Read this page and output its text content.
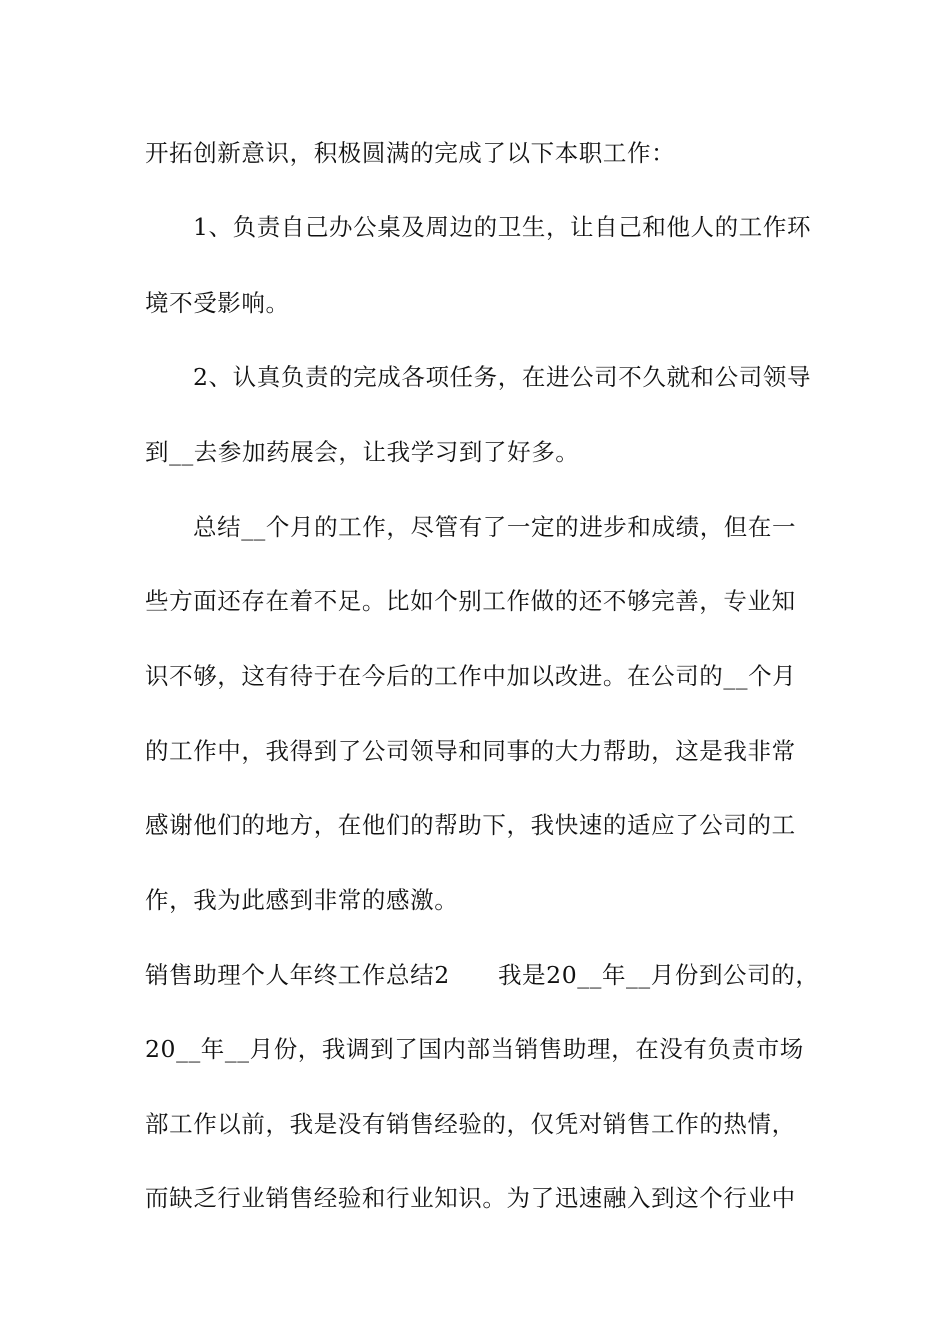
开拓创新意识，积极圆满的完成了以下本职工作：
1、负责自己办公桌及周边的卫生，让自己和他人的工作环
境不受影响。
2、认真负责的完成各项任务，在进公司不久就和公司领导
到__去参加药展会，让我学习到了好多。
总结__个月的工作，尽管有了一定的进步和成绩，但在一
些方面还存在着不足。比如个别工作做的还不够完善，专业知
识不够，这有待于在今后的工作中加以改进。在公司的__个月
的工作中，我得到了公司领导和同事的大力帮助，这是我非常
感谢他们的地方，在他们的帮助下，我快速的适应了公司的工
作，我为此感到非常的感激。
销售助理个人年终工作总结2　　我是20__年__月份到公司的，
20__年__月份，我调到了国内部当销售助理，在没有负责市场
部工作以前，我是没有销售经验的，仅凭对销售工作的热情，
而缺乏行业销售经验和行业知识。为了迅速融入到这个行业中
